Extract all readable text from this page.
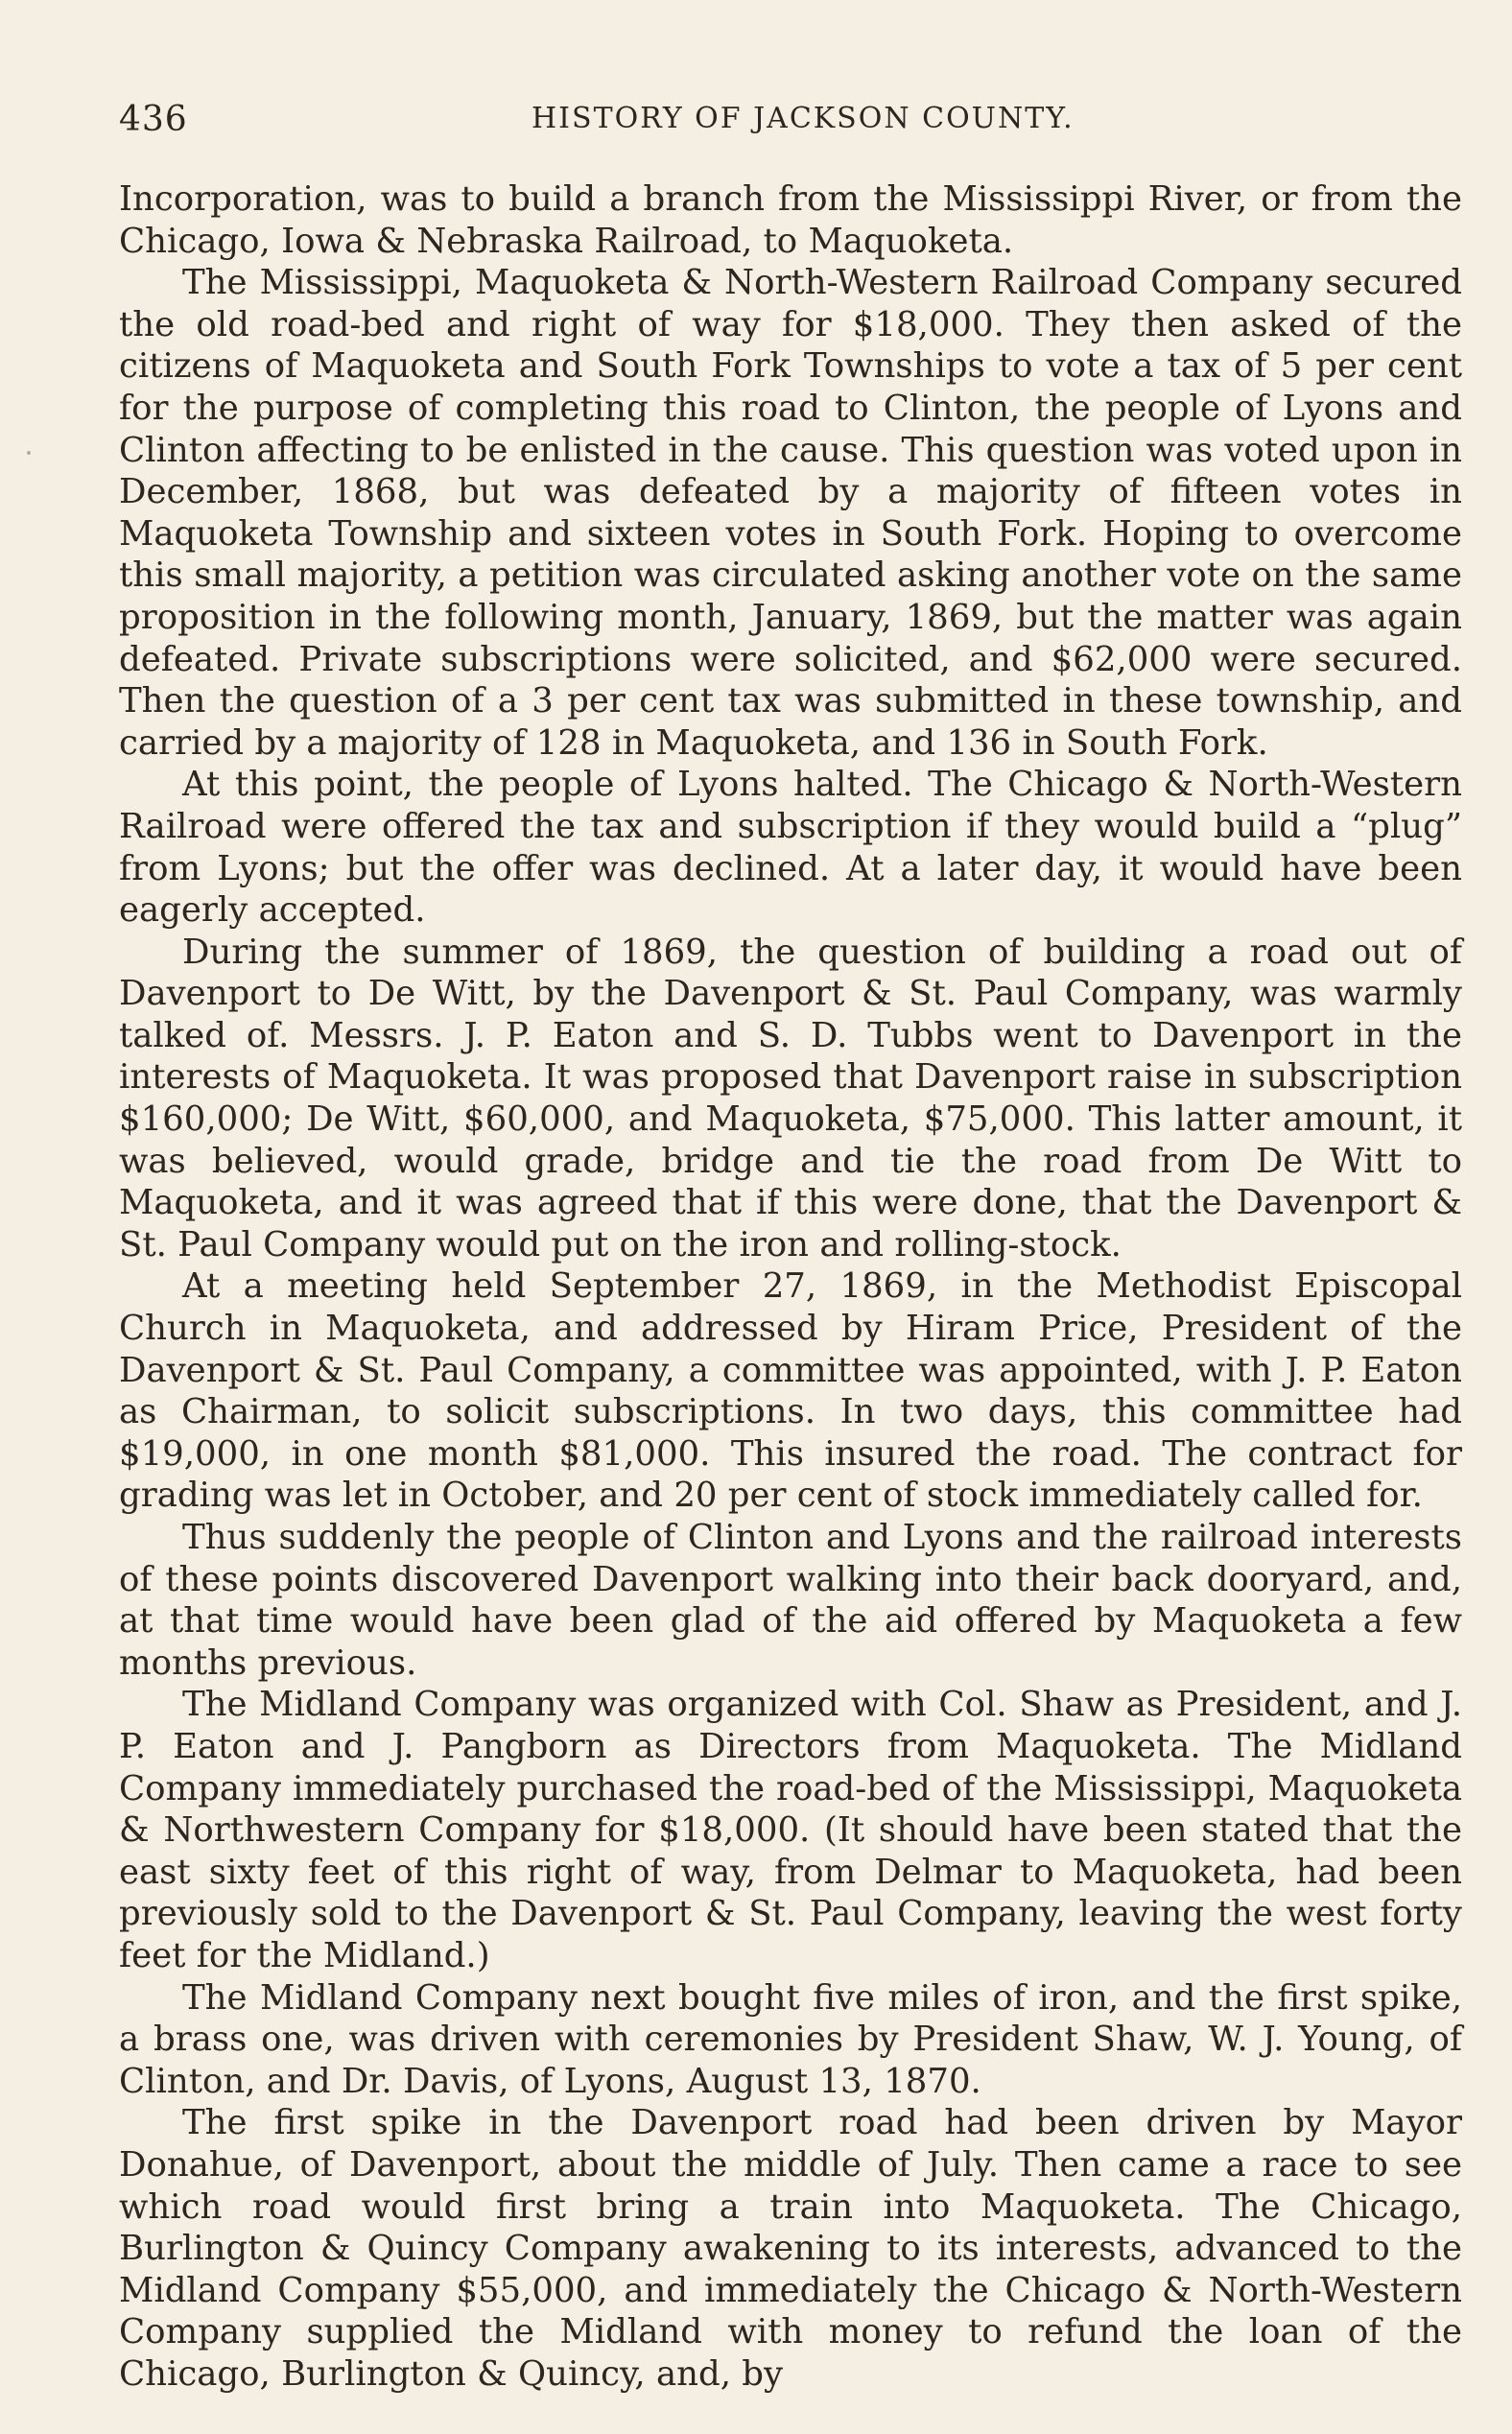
436	HISTORY OF JACKSON COUNTY.

Incorporation, was to build a branch from the Mississippi River, or from the Chicago, Iowa & Nebraska Railroad, to Maquoketa.

The Mississippi, Maquoketa & North-Western Railroad Company secured the old road-bed and right of way for $18,000. They then asked of the citizens of Maquoketa and South Fork Townships to vote a tax of 5 per cent for the purpose of completing this road to Clinton, the people of Lyons and Clinton affecting to be enlisted in the cause. This question was voted upon in December, 1868, but was defeated by a majority of fifteen votes in Maquoketa Township and sixteen votes in South Fork. Hoping to overcome this small majority, a petition was circulated asking another vote on the same proposition in the following month, January, 1869, but the matter was again defeated. Private subscriptions were solicited, and $62,000 were secured. Then the question of a 3 per cent tax was submitted in these township, and carried by a majority of 128 in Maquoketa, and 136 in South Fork.

At this point, the people of Lyons halted. The Chicago & North-Western Railroad were offered the tax and subscription if they would build a “plug” from Lyons; but the offer was declined. At a later day, it would have been eagerly accepted.

During the summer of 1869, the question of building a road out of Davenport to De Witt, by the Davenport & St. Paul Company, was warmly talked of. Messrs. J. P. Eaton and S. D. Tubbs went to Davenport in the interests of Maquoketa. It was proposed that Davenport raise in subscription $160,000; De Witt, $60,000, and Maquoketa, $75,000. This latter amount, it was believed, would grade, bridge and tie the road from De Witt to Maquoketa, and it was agreed that if this were done, that the Davenport & St. Paul Company would put on the iron and rolling-stock.

At a meeting held September 27, 1869, in the Methodist Episcopal Church in Maquoketa, and addressed by Hiram Price, President of the Davenport & St. Paul Company, a committee was appointed, with J. P. Eaton as Chairman, to solicit subscriptions. In two days, this committee had $19,000, in one month $81,000. This insured the road. The contract for grading was let in October, and 20 per cent of stock immediately called for.

Thus suddenly the people of Clinton and Lyons and the railroad interests of these points discovered Davenport walking into their back dooryard, and, at that time would have been glad of the aid offered by Maquoketa a few months previous.

The Midland Company was organized with Col. Shaw as President, and J. P. Eaton and J. Pangborn as Directors from Maquoketa. The Midland Company immediately purchased the road-bed of the Mississippi, Maquoketa & Northwestern Company for $18,000. (It should have been stated that the east sixty feet of this right of way, from Delmar to Maquoketa, had been previously sold to the Davenport & St. Paul Company, leaving the west forty feet for the Midland.)

The Midland Company next bought five miles of iron, and the first spike, a brass one, was driven with ceremonies by President Shaw, W. J. Young, of Clinton, and Dr. Davis, of Lyons, August 13, 1870.

The first spike in the Davenport road had been driven by Mayor Donahue, of Davenport, about the middle of July. Then came a race to see which road would first bring a train into Maquoketa. The Chicago, Burlington & Quincy Company awakening to its interests, advanced to the Midland Company $55,000, and immediately the Chicago & North-Western Company supplied the Midland with money to refund the loan of the Chicago, Burlington & Quincy, and, by
